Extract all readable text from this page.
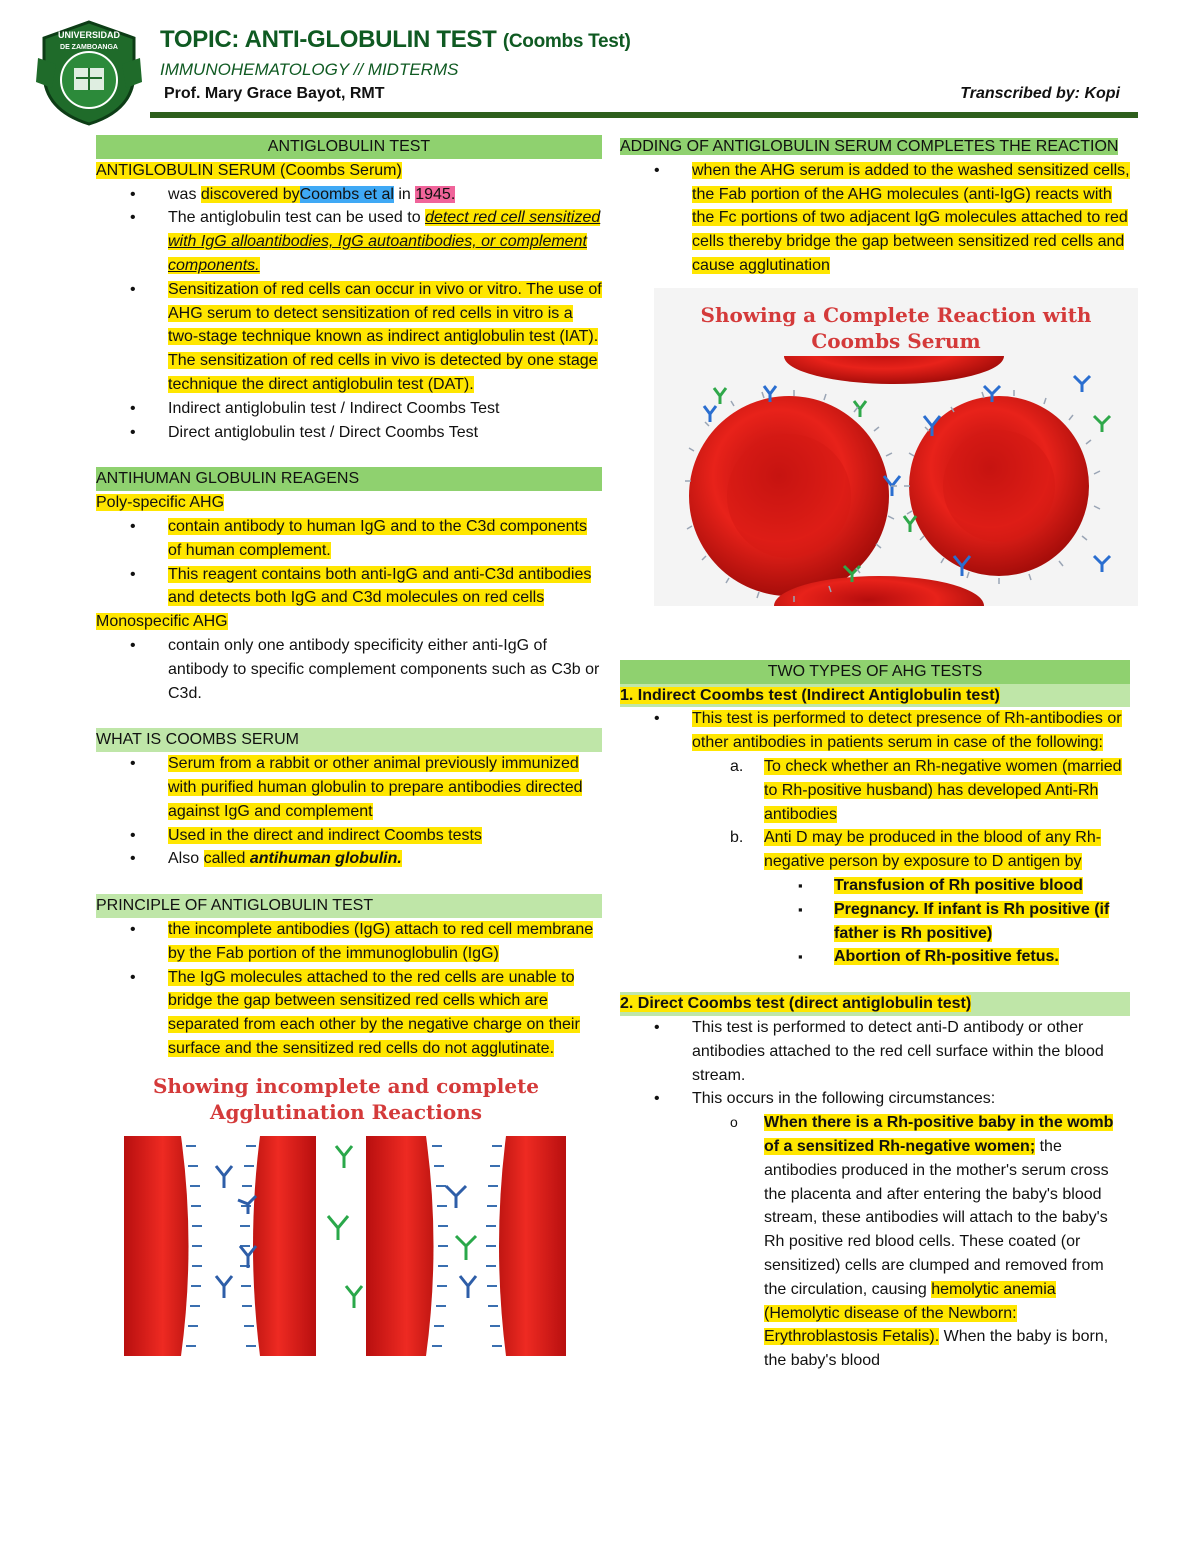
UNIVERSIDAD
DE ZAMBOANGA TOPIC: ANTI-GLOBULIN TEST (Coombs Test)
IMMUNOHEMATOLOGY // MIDTERMS
Prof. Mary Grace Bayot, RMT	Transcribed by: Kopi
ANTIGLOBULIN TEST
ANTIGLOBULIN SERUM (Coombs Serum)
• was discovered byCoombs et al in 1945.
• The antiglobulin test can be used to detect red cell sensitized with IgG alloantibodies, IgG autoantibodies, or complement components.
• Sensitization of red cells can occur in vivo or vitro. The use of AHG serum to detect sensitization of red cells in vitro is a two-stage technique known as indirect antiglobulin test (IAT). The sensitization of red cells in vivo is detected by one stage technique the direct antiglobulin test (DAT).
• Indirect antiglobulin test / Indirect Coombs Test
• Direct antiglobulin test / Direct Coombs Test
ANTIHUMAN GLOBULIN REAGENS
Poly-specific AHG
• contain antibody to human IgG and to the C3d components of human complement.
• This reagent contains both anti-IgG and anti-C3d antibodies and detects both IgG and C3d molecules on red cells
Monospecific AHG
• contain only one antibody specificity either anti-IgG of antibody to specific complement components such as C3b or C3d.
WHAT IS COOMBS SERUM
• Serum from a rabbit or other animal previously immunized with purified human globulin to prepare antibodies directed against IgG and complement
• Used in the direct and indirect Coombs tests
• Also called antihuman globulin.
PRINCIPLE OF ANTIGLOBULIN TEST
• the incomplete antibodies (IgG) attach to red cell membrane by the Fab portion of the immunoglobulin (IgG)
• The IgG molecules attached to the red cells are unable to bridge the gap between sensitized red cells which are separated from each other by the negative charge on their surface and the sensitized red cells do not agglutinate.
Showing incomplete and complete
Agglutination Reactions
ADDING OF ANTIGLOBULIN SERUM COMPLETES THE REACTION
• when the AHG serum is added to the washed sensitized cells, the Fab portion of the AHG molecules (anti-IgG) reacts with the Fc portions of two adjacent IgG molecules attached to red cells thereby bridge the gap between sensitized red cells and cause agglutination
Showing a Complete Reaction with
Coombs Serum
TWO TYPES OF AHG TESTS
1. Indirect Coombs test (Indirect Antiglobulin test)
• This test is performed to detect presence of Rh-antibodies or other antibodies in patients serum in case of the following:
a. To check whether an Rh-negative women (married to Rh-positive husband) has developed Anti-Rh antibodies
b. Anti D may be produced in the blood of any Rh-negative person by exposure to D antigen by
▪ Transfusion of Rh positive blood
▪ Pregnancy. If infant is Rh positive (if father is Rh positive)
▪ Abortion of Rh-positive fetus.
2. Direct Coombs test (direct antiglobulin test)
• This test is performed to detect anti-D antibody or other antibodies attached to the red cell surface within the blood stream.
• This occurs in the following circumstances:
o When there is a Rh-positive baby in the womb of a sensitized Rh-negative women; the antibodies produced in the mother's serum cross the placenta and after entering the baby's blood stream, these antibodies will attach to the baby's Rh positive red blood cells. These coated (or sensitized) cells are clumped and removed from the circulation, causing hemolytic anemia (Hemolytic disease of the Newborn: Erythroblastosis Fetalis). When the baby is born, the baby's blood
